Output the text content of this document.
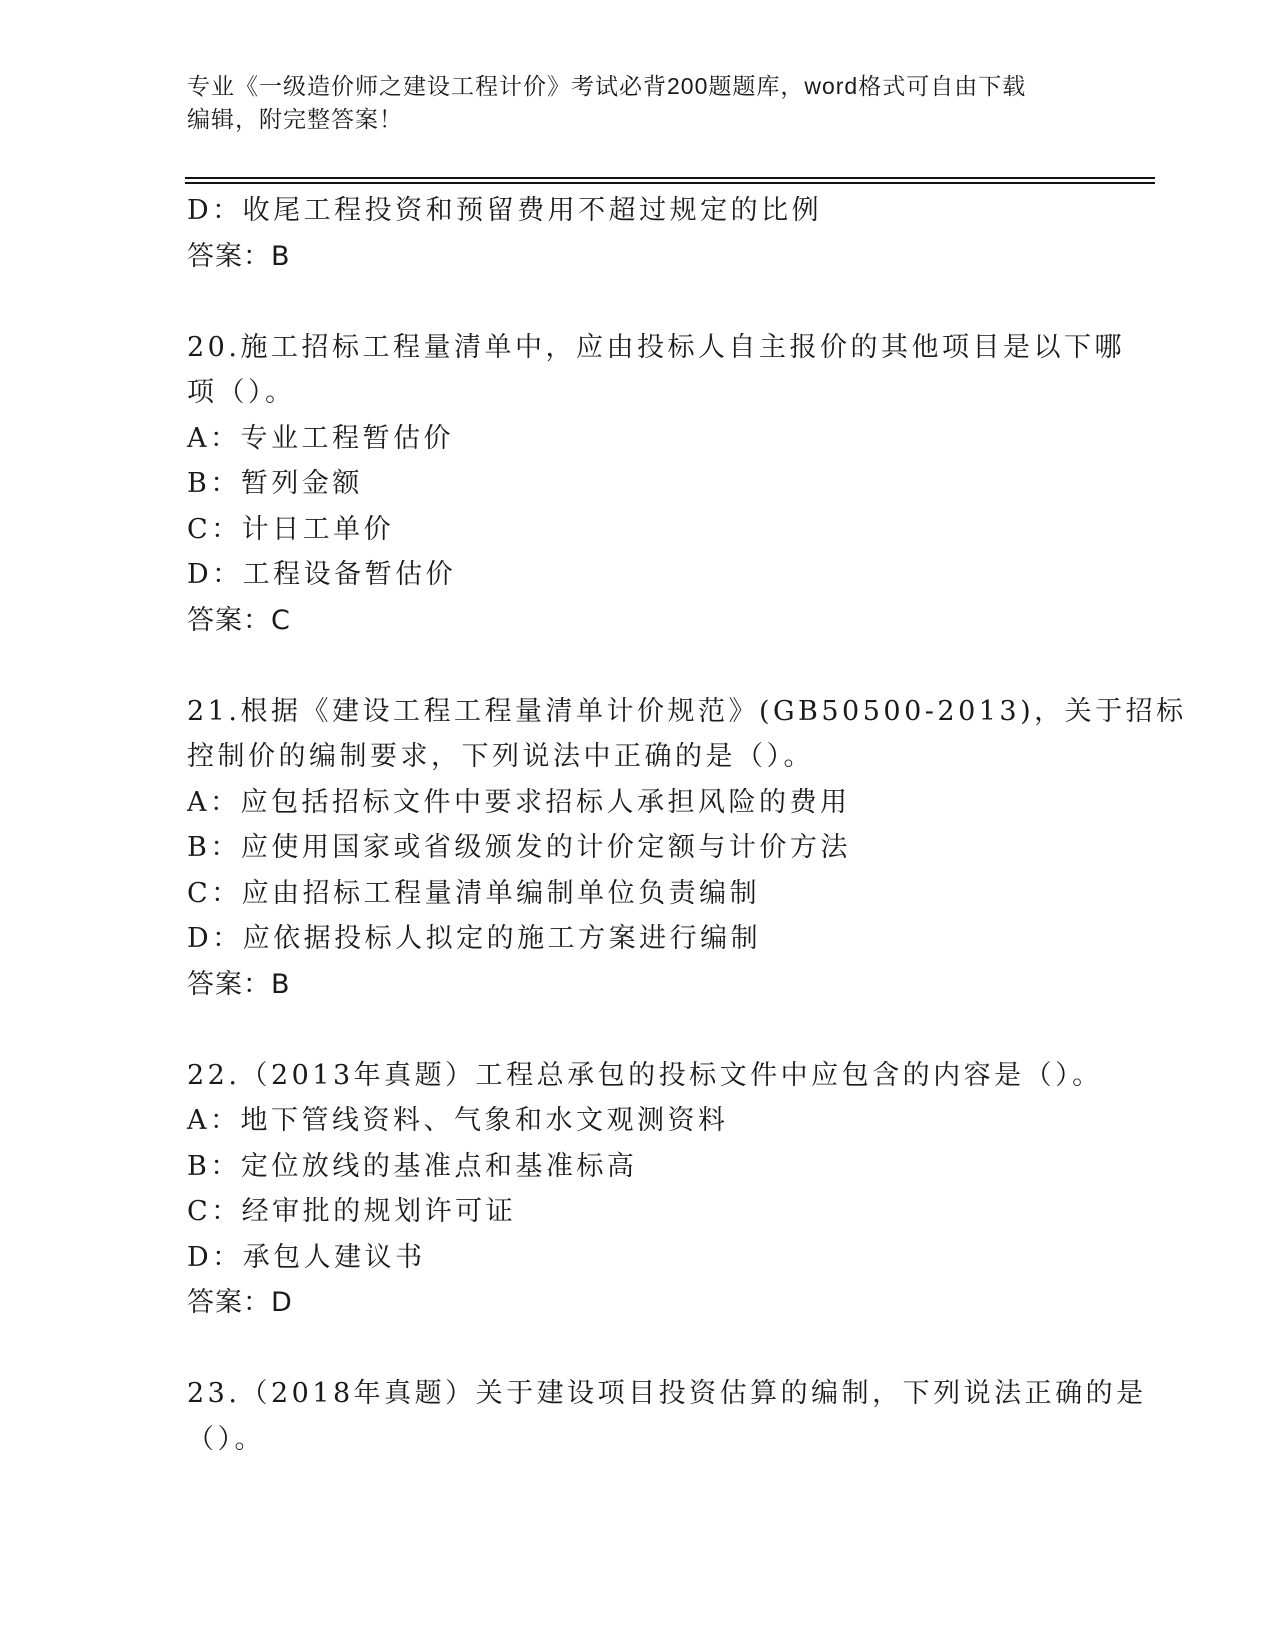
专业《一级造价师之建设工程计价》考试必背200题题库，word格式可自由下载
编辑，附完整答案！
D：收尾工程投资和预留费用不超过规定的比例
答案：B
20.施工招标工程量清单中，应由投标人自主报价的其他项目是以下哪
项（）。
A：专业工程暂估价
B：暂列金额
C：计日工单价
D：工程设备暂估价
答案：C
21.根据《建设工程工程量清单计价规范》(GB50500-2013)，关于招标
控制价的编制要求，下列说法中正确的是（）。
A：应包括招标文件中要求招标人承担风险的费用
B：应使用国家或省级颁发的计价定额与计价方法
C：应由招标工程量清单编制单位负责编制
D：应依据投标人拟定的施工方案进行编制
答案：B
22.（2013年真题）工程总承包的投标文件中应包含的内容是（）。
A：地下管线资料、气象和水文观测资料
B：定位放线的基准点和基准标高
C：经审批的规划许可证
D：承包人建议书
答案：D
23.（2018年真题）关于建设项目投资估算的编制，下列说法正确的是
（）。
